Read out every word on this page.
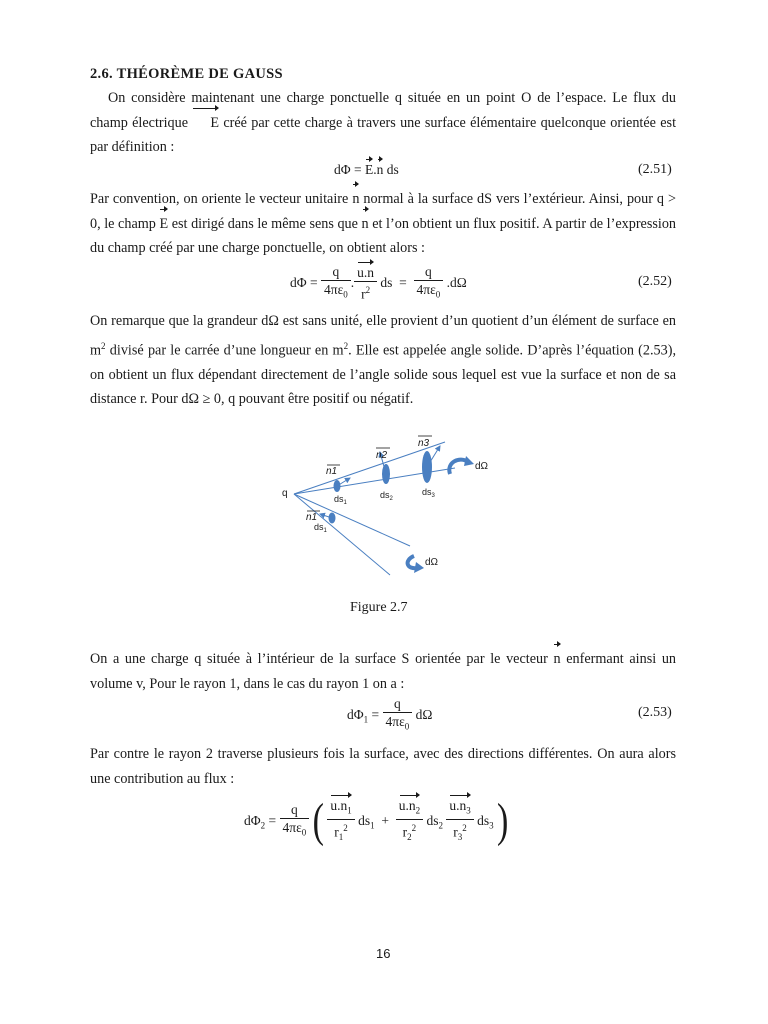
2.6. THÉORÈME DE GAUSS

On considère maintenant une charge ponctuelle q située en un point O de l’espace. Le flux du champ électrique E créé par cette charge à travers une surface élémentaire quelconque orientée est par définition :

dΦ = E.n ds	(2.51)

Par convention, on oriente le vecteur unitaire n normal à la surface dS vers l’extérieur. Ainsi, pour q > 0, le champ E est dirigé dans le même sens que n et l’on obtient un flux positif. A partir de l’expression du champ créé par une charge ponctuelle, on obtient alors :

$d\Phi = \frac{q}{4\pi\varepsilon_0}$ . $\frac{u.n}{r^2}$ ds = $\frac{q}{4\pi\varepsilon_0} .d\Omega$	(2.52)

On remarque que la grandeur dΩ est sans unité, elle provient d’un quotient d’un élément de surface en $m^2$ divisé par le carrée d’une longueur en $m^2$. Elle est appelée angle solide. D’après l’équation (2.53), on obtient un flux dépendant directement de l’angle solide sous lequel est vue la surface et non de sa distance r. Pour dΩ ≥ 0, q pouvant être positif ou négatif.

q
n1
n2
n3
n1
$ds_1$
$ds_2$
$ds_3$
$ds_1$
dΩ
dΩ
Figure 2.7

On a une charge q située à l’intérieur de la surface S orientée par le vecteur n enfermant ainsi un volume v, Pour le rayon 1, dans le cas du rayon 1 on a :

$d\Phi_1 = \frac{q}{4\pi\varepsilon_0}$ dΩ	(2.53)

Par contre le rayon 2 traverse plusieurs fois la surface, avec des directions différentes. On aura alors une contribution au flux :

$d\Phi_2 = \frac{q}{4\pi\varepsilon_0}$ ( $\frac{u.n_1}{r_1^2} ds_1 + \frac{u.n_2}{r_2^2} ds_2 \frac{u.n_3}{r_3^2} ds_3$ )
16
